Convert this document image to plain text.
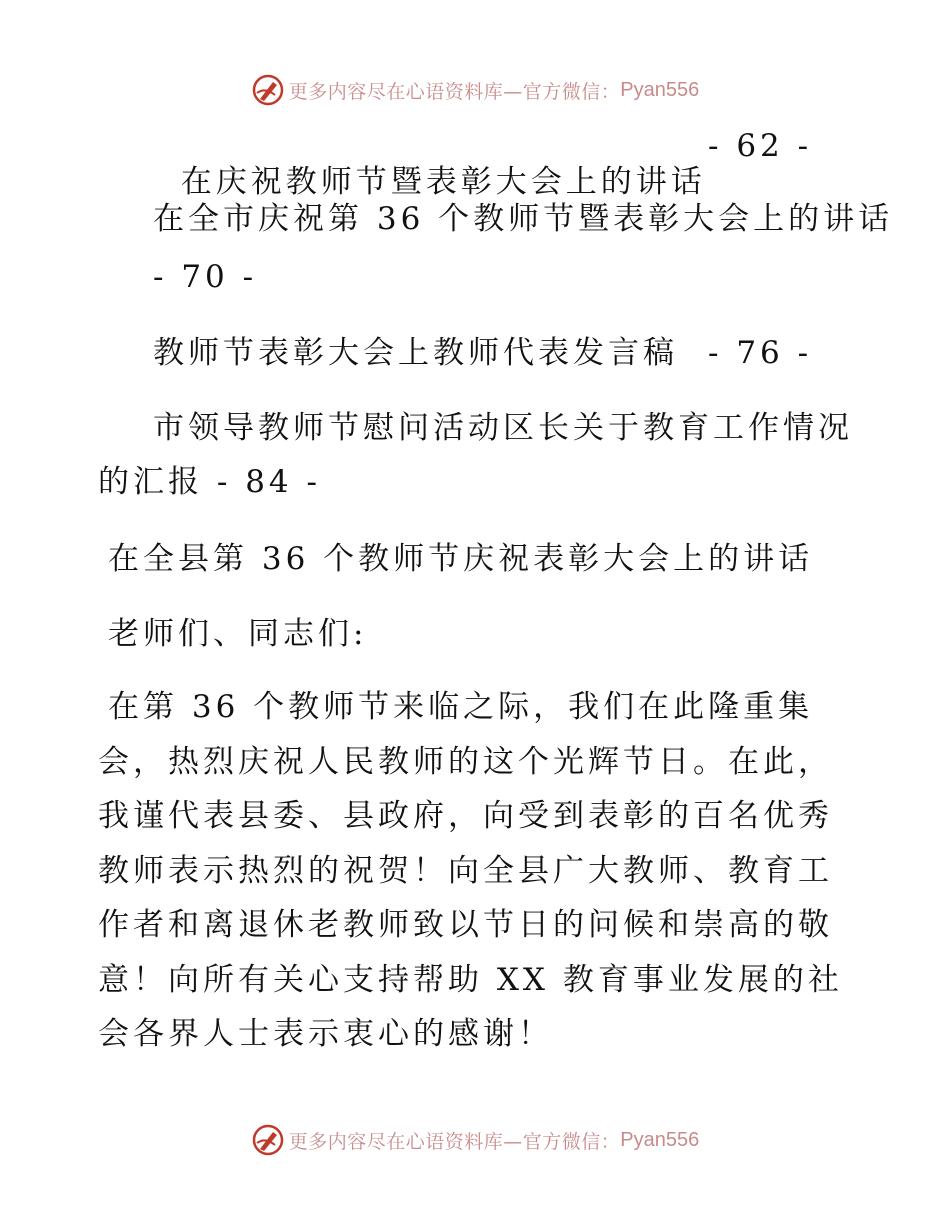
更多内容尽在心语资料库—官方微信： Pyan556

在庆祝教师节暨表彰大会上的讲话

- 62 -
在全市庆祝第 36 个教师节暨表彰大会上的讲话
- 70 -
教师节表彰大会上教师代表发言稿 - 76 -
市领导教师节慰问活动区长关于教育工作情况
的汇报 - 84 -
在全县第 36 个教师节庆祝表彰大会上的讲话
老师们、同志们:
在第 36 个教师节来临之际，我们在此隆重集会，热烈庆祝人民教师的这个光辉节日。在此，我谨代表县委、县政府，向受到表彰的百名优秀教师表示热烈的祝贺！向全县广大教师、教育工作者和离退休老教师致以节日的问候和崇高的敬意！向所有关心支持帮助 XX 教育事业发展的社会各界人士表示衷心的感谢！
更多内容尽在心语资料库—官方微信： Pyan556
